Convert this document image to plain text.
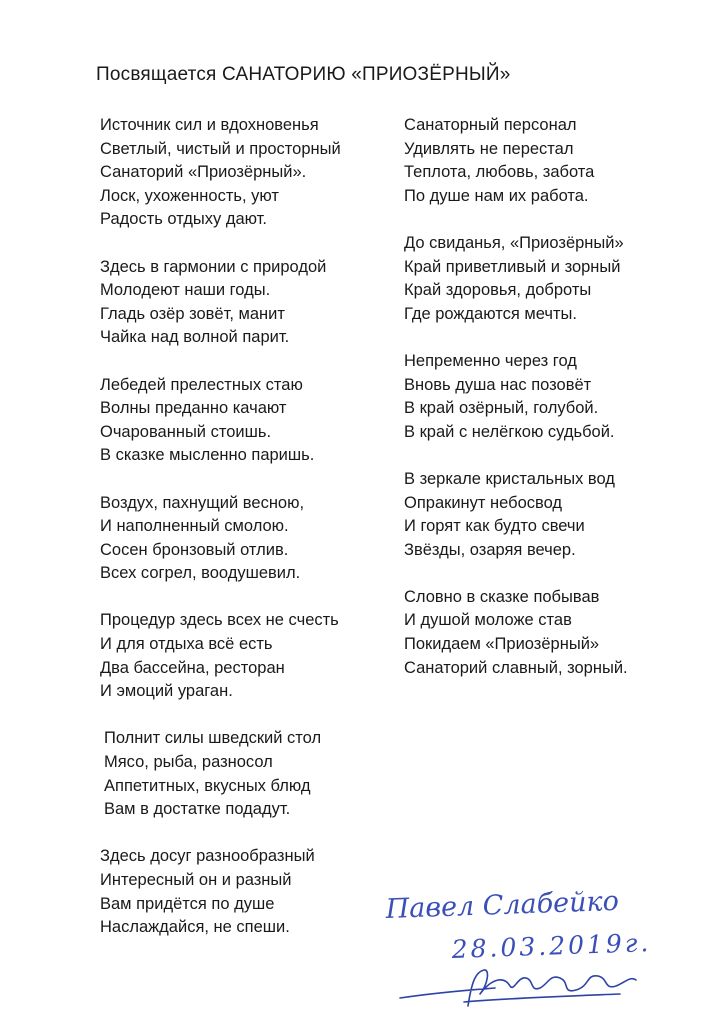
Посвящается САНАТОРИЮ «ПРИОЗЁРНЫЙ»
Источник сил и вдохновенья
Светлый, чистый и просторный
Санаторий «Приозёрный».
Лоск, ухоженность, уют
Радость отдыху дают.
Здесь в гармонии с природой
Молодеют наши годы.
Гладь озёр зовёт, манит
Чайка над волной парит.
Лебедей прелестных стаю
Волны преданно качают
Очарованный стоишь.
В сказке мысленно паришь.
Воздух, пахнущий весною,
И наполненный смолою.
Сосен бронзовый отлив.
Всех согрел, воодушевил.
Процедур здесь всех не счесть
И для отдыха всё есть
Два бассейна, ресторан
И эмоций ураган.
Полнит силы шведский стол
Мясо, рыба, разносол
Аппетитных, вкусных блюд
Вам в достатке подадут.
Здесь досуг разнообразный
Интересный он и разный
Вам придётся по душе
Наслаждайся, не спеши.
Санаторный персонал
Удивлять не перестал
Теплота, любовь, забота
По душе нам их работа.
До свиданья, «Приозёрный»
Край приветливый и зорный
Край здоровья, доброты
Где рождаются мечты.
Непременно через год
Вновь душа нас позовёт
В край озёрный, голубой.
В край с нелёгкою судьбой.
В зеркале кристальных вод
Опракинут небосвод
И горят как будто свечи
Звёзды, озаряя вечер.
Словно в сказке побывав
И душой моложе став
Покидаем «Приозёрный»
Санаторий славный, зорный.
Павел Слабейко
28.03.2019г.
